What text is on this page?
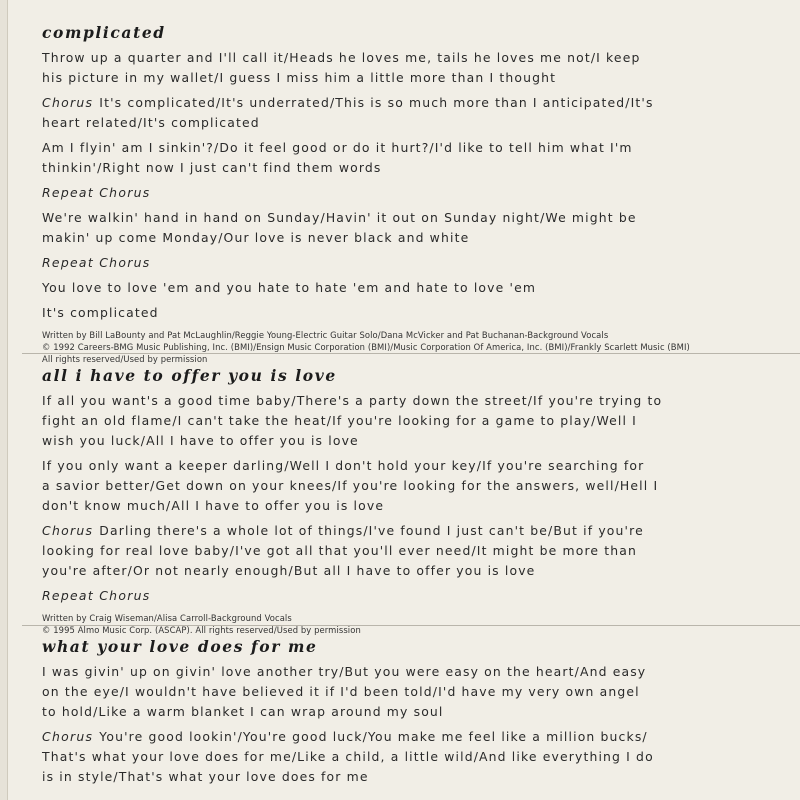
complicated
Throw up a quarter and I'll call it/Heads he loves me, tails he loves me not/I keep
his picture in my wallet/I guess I miss him a little more than I thought
Chorus It's complicated/It's underrated/This is so much more than I anticipated/It's
heart related/It's complicated
Am I flyin' am I sinkin'?/Do it feel good or do it hurt?/I'd like to tell him what I'm
thinkin'/Right now I just can't find them words
Repeat Chorus
We're walkin' hand in hand on Sunday/Havin' it out on Sunday night/We might be
makin' up come Monday/Our love is never black and white
Repeat Chorus
You love to love 'em and you hate to hate 'em and hate to love 'em
It's complicated
Written by Bill LaBounty and Pat McLaughlin/Reggie Young-Electric Guitar Solo/Dana McVicker and Pat Buchanan-Background Vocals
© 1992 Careers-BMG Music Publishing, Inc. (BMI)/Ensign Music Corporation (BMI)/Music Corporation Of America, Inc. (BMI)/Frankly Scarlett Music (BMI)
All rights reserved/Used by permission
all i have to offer you is love
If all you want's a good time baby/There's a party down the street/If you're trying to
fight an old flame/I can't take the heat/If you're looking for a game to play/Well I
wish you luck/All I have to offer you is love
If you only want a keeper darling/Well I don't hold your key/If you're searching for
a savior better/Get down on your knees/If you're looking for the answers, well/Hell I
don't know much/All I have to offer you is love
Chorus Darling there's a whole lot of things/I've found I just can't be/But if you're
looking for real love baby/I've got all that you'll ever need/It might be more than
you're after/Or not nearly enough/But all I have to offer you is love
Repeat Chorus
Written by Craig Wiseman/Alisa Carroll-Background Vocals
© 1995 Almo Music Corp. (ASCAP). All rights reserved/Used by permission
what your love does for me
I was givin' up on givin' love another try/But you were easy on the heart/And easy
on the eye/I wouldn't have believed it if I'd been told/I'd have my very own angel
to hold/Like a warm blanket I can wrap around my soul
Chorus You're good lookin'/You're good luck/You make me feel like a million bucks/
That's what your love does for me/Like a child, a little wild/And like everything I do
is in style/That's what your love does for me
